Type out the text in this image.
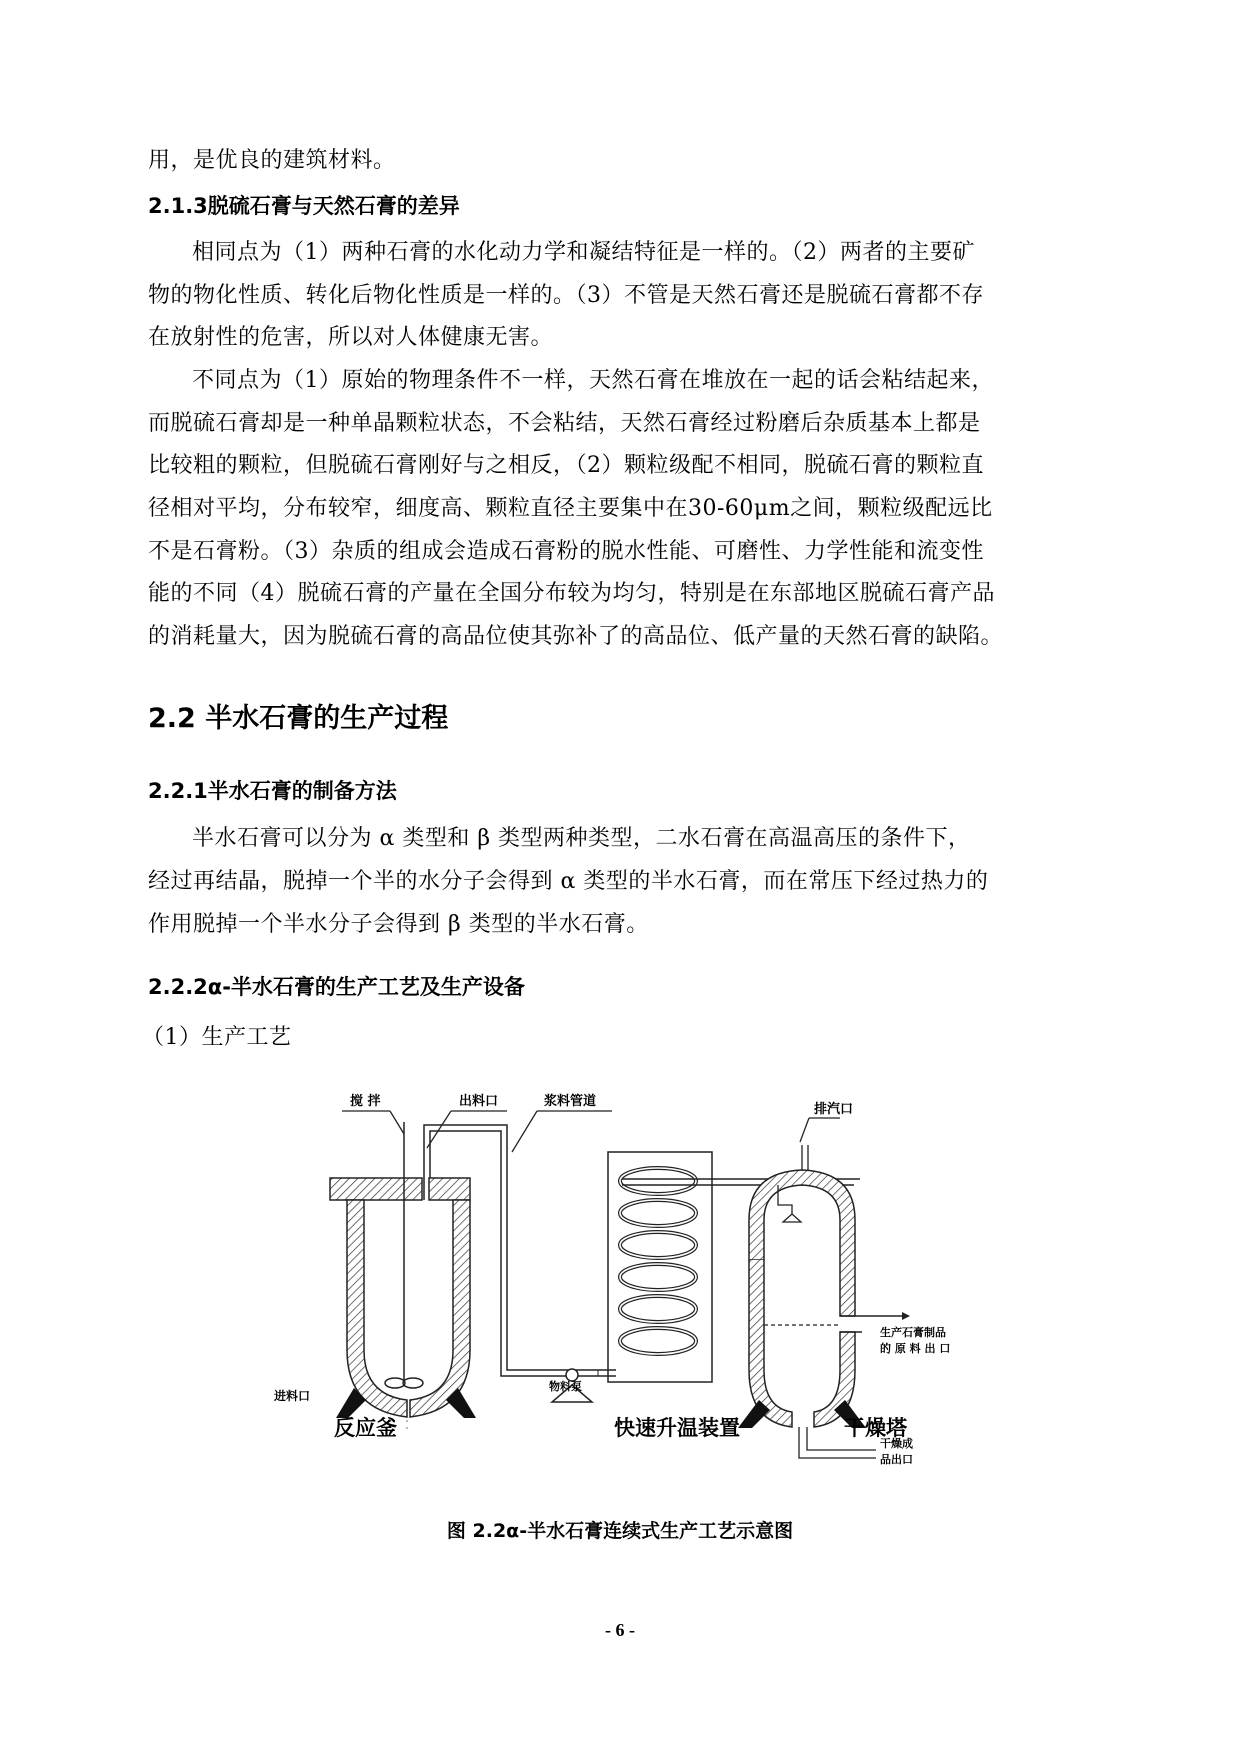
用，是优良的建筑材料。
2.1.3脱硫石膏与天然石膏的差异
相同点为（1）两种石膏的水化动力学和凝结特征是一样的。（2）两者的主要矿
物的物化性质、转化后物化性质是一样的。（3）不管是天然石膏还是脱硫石膏都不存
在放射性的危害，所以对人体健康无害。
不同点为（1）原始的物理条件不一样，天然石膏在堆放在一起的话会粘结起来，
而脱硫石膏却是一种单晶颗粒状态，不会粘结，天然石膏经过粉磨后杂质基本上都是
比较粗的颗粒，但脱硫石膏刚好与之相反，（2）颗粒级配不相同，脱硫石膏的颗粒直
径相对平均，分布较窄，细度高、颗粒直径主要集中在30-60μm之间，颗粒级配远比
不是石膏粉。（3）杂质的组成会造成石膏粉的脱水性能、可磨性、力学性能和流变性
能的不同（4）脱硫石膏的产量在全国分布较为均匀，特别是在东部地区脱硫石膏产品
的消耗量大，因为脱硫石膏的高品位使其弥补了的高品位、低产量的天然石膏的缺陷。
2.2 半水石膏的生产过程
2.2.1半水石膏的制备方法
半水石膏可以分为 α 类型和 β 类型两种类型，二水石膏在高温高压的条件下，
经过再结晶，脱掉一个半的水分子会得到 α 类型的半水石膏，而在常压下经过热力的
作用脱掉一个半水分子会得到 β 类型的半水石膏。
2.2.2α-半水石膏的生产工艺及生产设备
（1）生产工艺
搅 拌	出料口	浆料管道
排汽口
生产石膏制品
的 原 料 出 口
干燥成
品出口
进料口
物料泵
反应釜	快速升温装置	干燥塔
图 2.2α-半水石膏连续式生产工艺示意图
- 6 -
